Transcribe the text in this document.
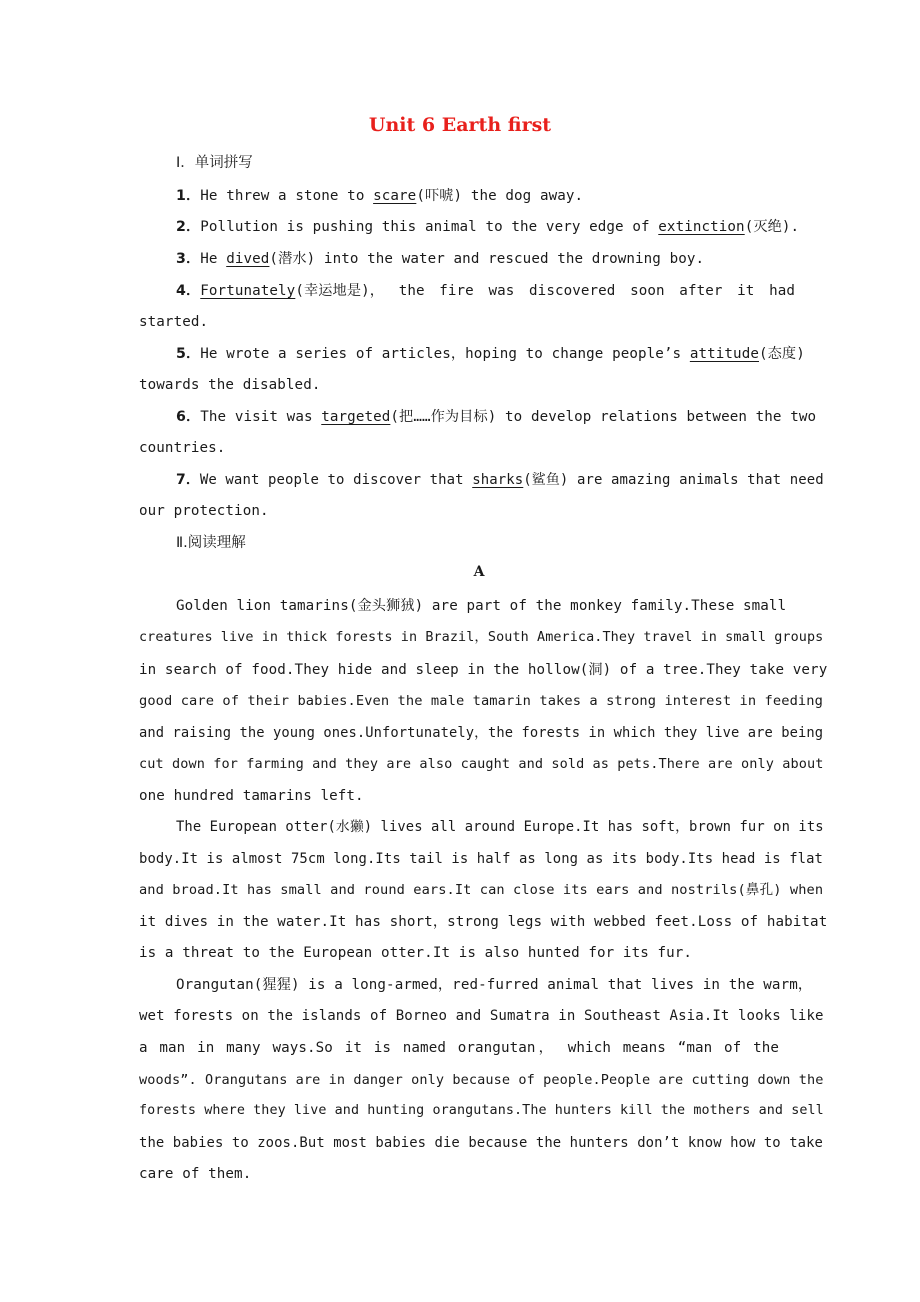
Unit 6 Earth first
Ⅰ．单词拼写
1．He threw a stone to scare(吓唬) the dog away.
2．Pollution is pushing this animal to the very edge of extinction(灭绝).
3．He dived(潜水) into the water and rescued the drowning boy.
4．Fortunately(幸运地是)， the fire was discovered soon after it had
started.
5．He wrote a series of articles，hoping to change people’s attitude(态度)
towards the disabled.
6．The visit was targeted(把……作为目标) to develop relations between the two
countries.
7．We want people to discover that sharks(鲨鱼) are amazing animals that need
our protection.
Ⅱ.阅读理解
A
Golden lion tamarins(金头狮狨) are part of the monkey family.These small
creatures live in thick forests in Brazil，South America.They travel in small groups
in search of food.They hide and sleep in the hollow(洞) of a tree.They take very
good care of their babies.Even the male tamarin takes a strong interest in feeding
and raising the young ones.Unfortunately，the forests in which they live are being
cut down for farming and they are also caught and sold as pets.There are only about
one hundred tamarins left.
The European otter(水獭) lives all around Europe.It has soft，brown fur on its
body.It is almost 75cm long.Its tail is half as long as its body.Its head is flat
and broad.It has small and round ears.It can close its ears and nostrils(鼻孔) when
it dives in the water.It has short，strong legs with webbed feet.Loss of habitat
is a threat to the European otter.It is also hunted for its fur.
Orangutan(猩猩) is a long-armed，red-furred animal that lives in the warm，
wet forests on the islands of Borneo and Sumatra in Southeast Asia.It looks like
a man in many ways.So it is named orangutan， which means “man of the
woods”. Orangutans are in danger only because of people.People are cutting down the
forests where they live and hunting orangutans.The hunters kill the mothers and sell
the babies to zoos.But most babies die because the hunters don’t know how to take
care of them.
